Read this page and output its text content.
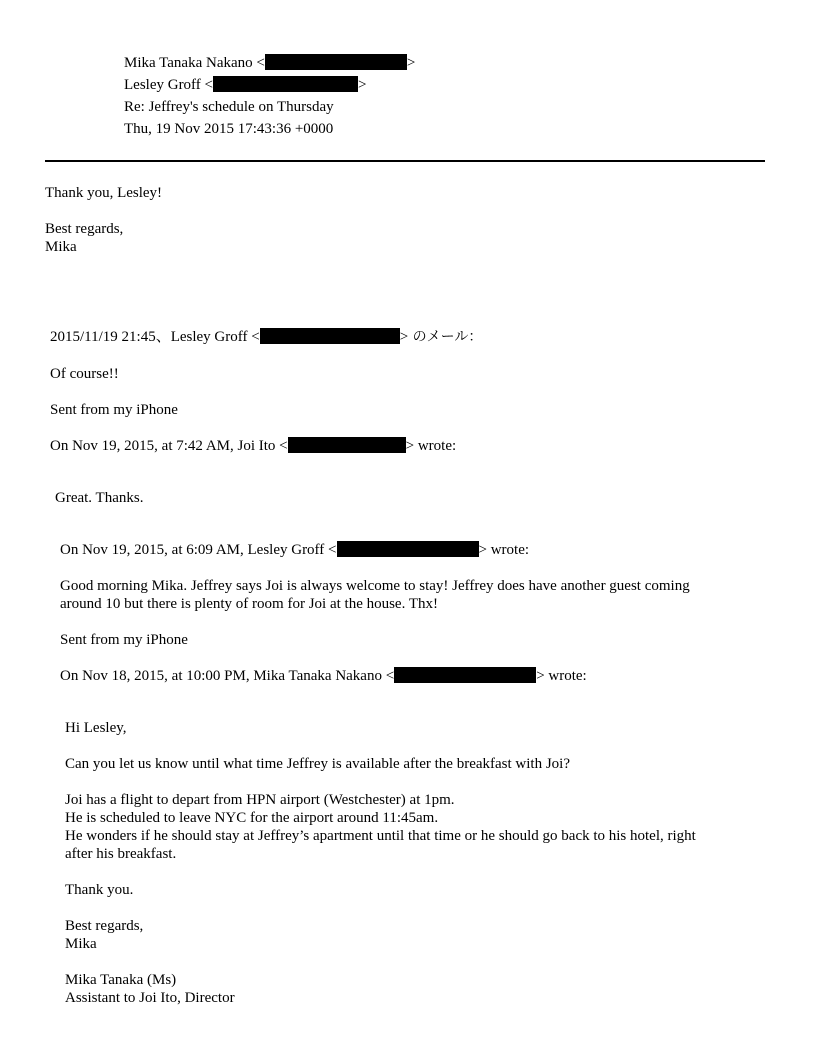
Mika Tanaka Nakano <	>
Lesley Groff <	>
Re: Jeffrey's schedule on Thursday
Thu, 19 Nov 2015 17:43:36 +0000
Thank you, Lesley!
Best regards,
Mika
2015/11/19 21:45、Lesley Groff <	> のメール：
Of course!!
Sent from my iPhone
On Nov 19, 2015, at 7:42 AM, Joi Ito <	> wrote:
Great. Thanks.
On Nov 19, 2015, at 6:09 AM, Lesley Groff <	> wrote:
Good morning Mika. Jeffrey says Joi is always welcome to stay! Jeffrey does have another guest coming
around 10 but there is plenty of room for Joi at the house. Thx!
Sent from my iPhone
On Nov 18, 2015, at 10:00 PM, Mika Tanaka Nakano <	> wrote:
Hi Lesley,
Can you let us know until what time Jeffrey is available after the breakfast with Joi?
Joi has a flight to depart from HPN airport (Westchester) at 1pm.
He is scheduled to leave NYC for the airport around 11:45am.
He wonders if he should stay at Jeffrey’s apartment until that time or he should go back to his hotel, right
after his breakfast.
Thank you.
Best regards,
Mika
Mika Tanaka (Ms)
Assistant to Joi Ito, Director
